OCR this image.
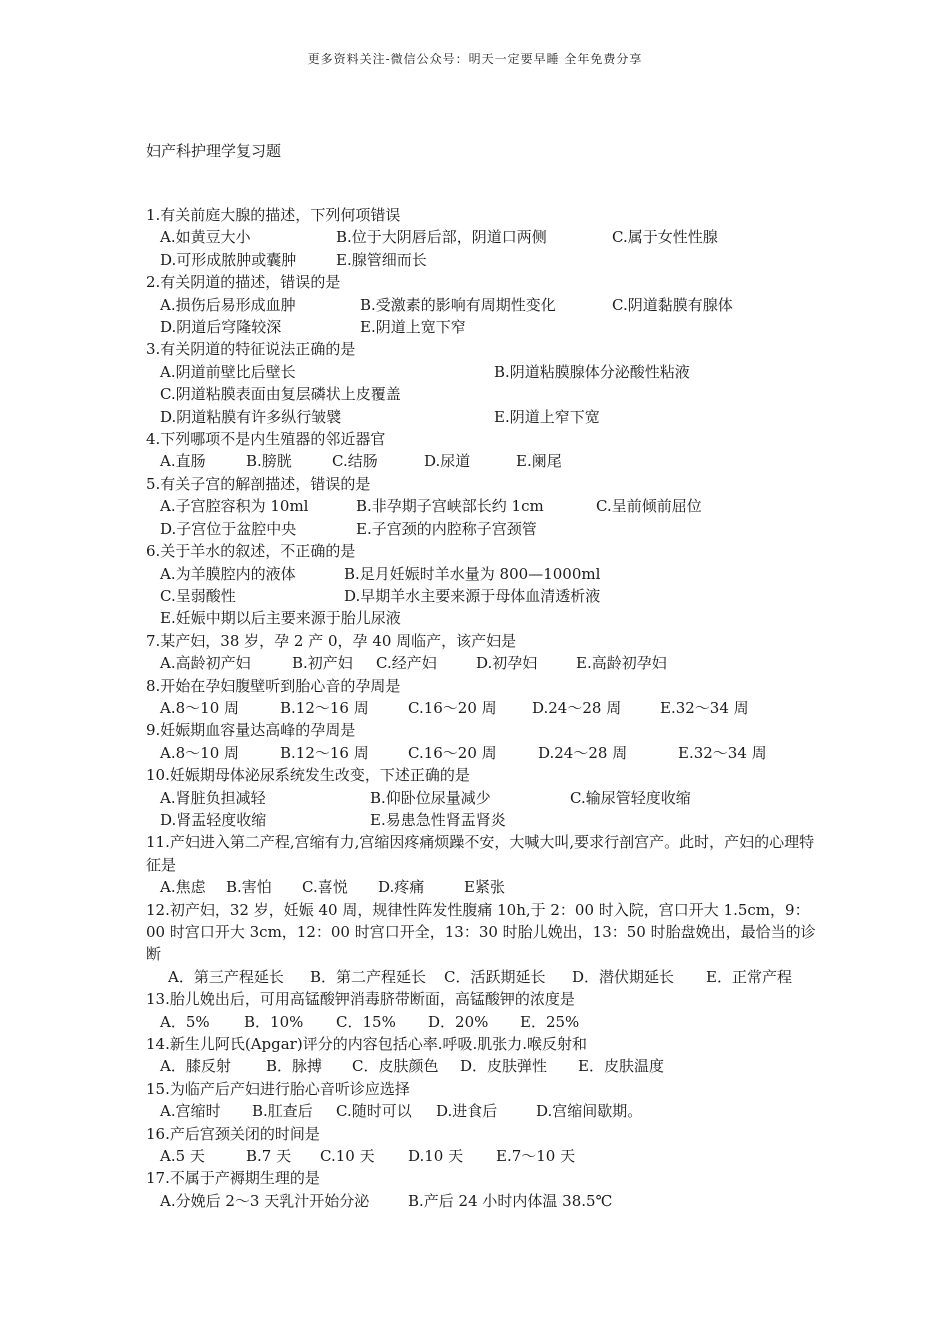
更多资料关注-微信公众号：明天一定要早睡 全年免费分享
妇产科护理学复习题
1.有关前庭大腺的描述，下列何项错误
A.如黄豆大小	B.位于大阴唇后部，阴道口两侧	C.属于女性性腺
D.可形成脓肿或囊肿	E.腺管细而长
2.有关阴道的描述，错误的是
A.损伤后易形成血肿	B.受激素的影响有周期性变化	C.阴道黏膜有腺体
D.阴道后穹隆较深	E.阴道上宽下窄
3.有关阴道的特征说法正确的是
A.阴道前壁比后壁长	B.阴道粘膜腺体分泌酸性粘液
C.阴道粘膜表面由复层磷状上皮覆盖
D.阴道粘膜有许多纵行皱襞	E.阴道上窄下宽
4.下列哪项不是内生殖器的邻近器官
A.直肠	B.膀胱	C.结肠	D.尿道	E.阑尾
5.有关子宫的解剖描述，错误的是
A.子宫腔容积为 10ml	B.非孕期子宫峡部长约 1cm	C.呈前倾前屈位
D.子宫位于盆腔中央	E.子宫颈的内腔称子宫颈管
6.关于羊水的叙述，不正确的是
A.为羊膜腔内的液体	B.足月妊娠时羊水量为 800—1000ml
C.呈弱酸性	D.早期羊水主要来源于母体血清透析液
E.妊娠中期以后主要来源于胎儿尿液
7.某产妇，38 岁，孕 2 产 0，孕 40 周临产，该产妇是
A.高龄初产妇	B.初产妇 C.经产妇	D.初孕妇	E.高龄初孕妇
8.开始在孕妇腹壁听到胎心音的孕周是
A.8～10 周	B.12～16 周	C.16～20 周 D.24～28 周	E.32～34 周
9.妊娠期血容量达高峰的孕周是
A.8～10 周	B.12～16 周	C.16～20 周	D.24～28 周	E.32～34 周
10.妊娠期母体泌尿系统发生改变，下述正确的是
A.肾脏负担减轻	B.仰卧位尿量减少	C.输尿管轻度收缩
D.肾盂轻度收缩	E.易患急性肾盂肾炎
11.产妇进入第二产程,宫缩有力,宫缩因疼痛烦躁不安，大喊大叫,要求行剖宫产。此时，产妇的心理特征是
A.焦虑 B.害怕 C.喜悦 D.疼痛	E紧张
12.初产妇，32 岁，妊娠 40 周，规律性阵发性腹痛 10h,于 2：00 时入院，宫口开大 1.5cm，9：00 时宫口开大 3cm，12：00 时宫口开全，13：30 时胎儿娩出，13：50 时胎盘娩出，最恰当的诊断
A．第三产程延长 B．第二产程延长 C．活跃期延长 D．潜伏期延长 E．正常产程
13.胎儿娩出后，可用高锰酸钾消毒脐带断面，高锰酸钾的浓度是
A．5% B．10% C．15% D．20% E．25%
14.新生儿阿氏(Apgar)评分的内容包括心率.呼吸.肌张力.喉反射和
A．膝反射 B．脉搏 C．皮肤颜色 D．皮肤弹性 E．皮肤温度
15.为临产后产妇进行胎心音听诊应选择
A.宫缩时 B.肛查后 C.随时可以 D.进食后	D.宫缩间歇期。
16.产后宫颈关闭的时间是
A.5 天	B.7 天 C.10 天 D.10 天 E.7～10 天
17.不属于产褥期生理的是
A.分娩后 2～3 天乳汁开始分泌	B.产后 24 小时内体温 38.5℃
